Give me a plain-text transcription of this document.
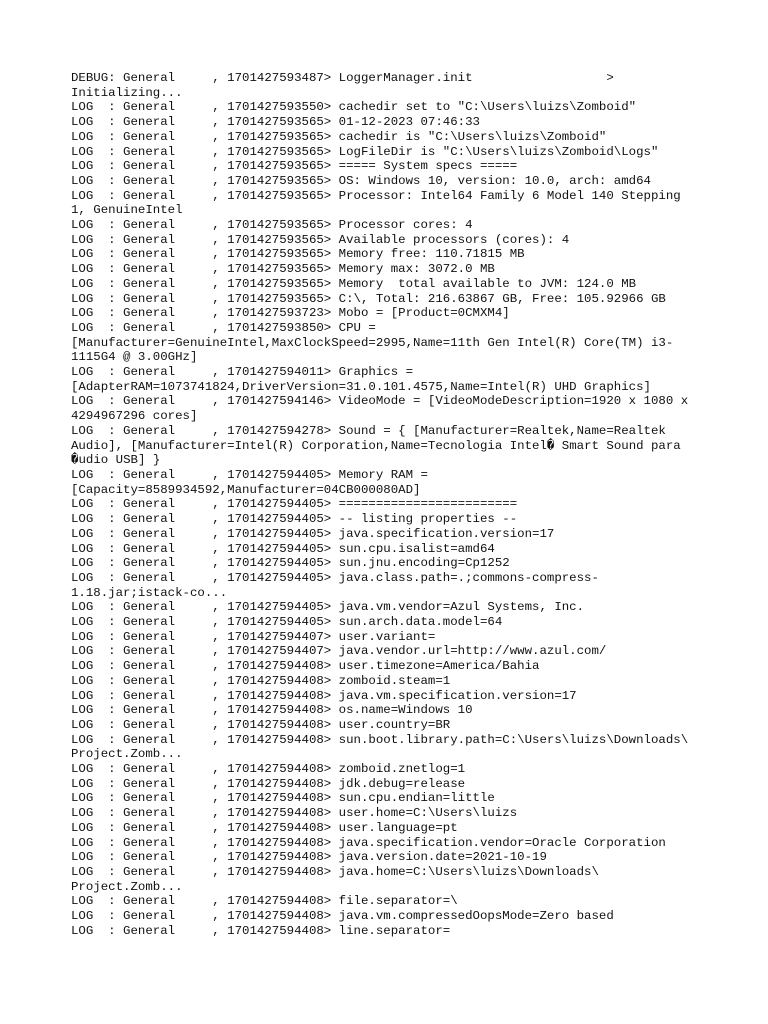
DEBUG: General     , 1701427593487> LoggerManager.init                  >
Initializing...
LOG  : General     , 1701427593550> cachedir set to "C:\Users\luizs\Zomboid"
LOG  : General     , 1701427593565> 01-12-2023 07:46:33
LOG  : General     , 1701427593565> cachedir is "C:\Users\luizs\Zomboid"
LOG  : General     , 1701427593565> LogFileDir is "C:\Users\luizs\Zomboid\Logs"
LOG  : General     , 1701427593565> ===== System specs =====
LOG  : General     , 1701427593565> OS: Windows 10, version: 10.0, arch: amd64
LOG  : General     , 1701427593565> Processor: Intel64 Family 6 Model 140 Stepping
1, GenuineIntel
LOG  : General     , 1701427593565> Processor cores: 4
LOG  : General     , 1701427593565> Available processors (cores): 4
LOG  : General     , 1701427593565> Memory free: 110.71815 MB
LOG  : General     , 1701427593565> Memory max: 3072.0 MB
LOG  : General     , 1701427593565> Memory  total available to JVM: 124.0 MB
LOG  : General     , 1701427593565> C:\, Total: 216.63867 GB, Free: 105.92966 GB
LOG  : General     , 1701427593723> Mobo = [Product=0CMXM4]
LOG  : General     , 1701427593850> CPU =
[Manufacturer=GenuineIntel,MaxClockSpeed=2995,Name=11th Gen Intel(R) Core(TM) i3-
1115G4 @ 3.00GHz]
LOG  : General     , 1701427594011> Graphics =
[AdapterRAM=1073741824,DriverVersion=31.0.101.4575,Name=Intel(R) UHD Graphics]
LOG  : General     , 1701427594146> VideoMode = [VideoModeDescription=1920 x 1080 x
4294967296 cores]
LOG  : General     , 1701427594278> Sound = { [Manufacturer=Realtek,Name=Realtek
Audio], [Manufacturer=Intel(R) Corporation,Name=Tecnologia Intel� Smart Sound para
�udio USB] }
LOG  : General     , 1701427594405> Memory RAM =
[Capacity=8589934592,Manufacturer=04CB000080AD]
LOG  : General     , 1701427594405> ========================
LOG  : General     , 1701427594405> -- listing properties --
LOG  : General     , 1701427594405> java.specification.version=17
LOG  : General     , 1701427594405> sun.cpu.isalist=amd64
LOG  : General     , 1701427594405> sun.jnu.encoding=Cp1252
LOG  : General     , 1701427594405> java.class.path=.;commons-compress-
1.18.jar;istack-co...
LOG  : General     , 1701427594405> java.vm.vendor=Azul Systems, Inc.
LOG  : General     , 1701427594405> sun.arch.data.model=64
LOG  : General     , 1701427594407> user.variant=
LOG  : General     , 1701427594407> java.vendor.url=http://www.azul.com/
LOG  : General     , 1701427594408> user.timezone=America/Bahia
LOG  : General     , 1701427594408> zomboid.steam=1
LOG  : General     , 1701427594408> java.vm.specification.version=17
LOG  : General     , 1701427594408> os.name=Windows 10
LOG  : General     , 1701427594408> user.country=BR
LOG  : General     , 1701427594408> sun.boot.library.path=C:\Users\luizs\Downloads\
Project.Zomb...
LOG  : General     , 1701427594408> zomboid.znetlog=1
LOG  : General     , 1701427594408> jdk.debug=release
LOG  : General     , 1701427594408> sun.cpu.endian=little
LOG  : General     , 1701427594408> user.home=C:\Users\luizs
LOG  : General     , 1701427594408> user.language=pt
LOG  : General     , 1701427594408> java.specification.vendor=Oracle Corporation
LOG  : General     , 1701427594408> java.version.date=2021-10-19
LOG  : General     , 1701427594408> java.home=C:\Users\luizs\Downloads\
Project.Zomb...
LOG  : General     , 1701427594408> file.separator=\
LOG  : General     , 1701427594408> java.vm.compressedOopsMode=Zero based
LOG  : General     , 1701427594408> line.separator=
